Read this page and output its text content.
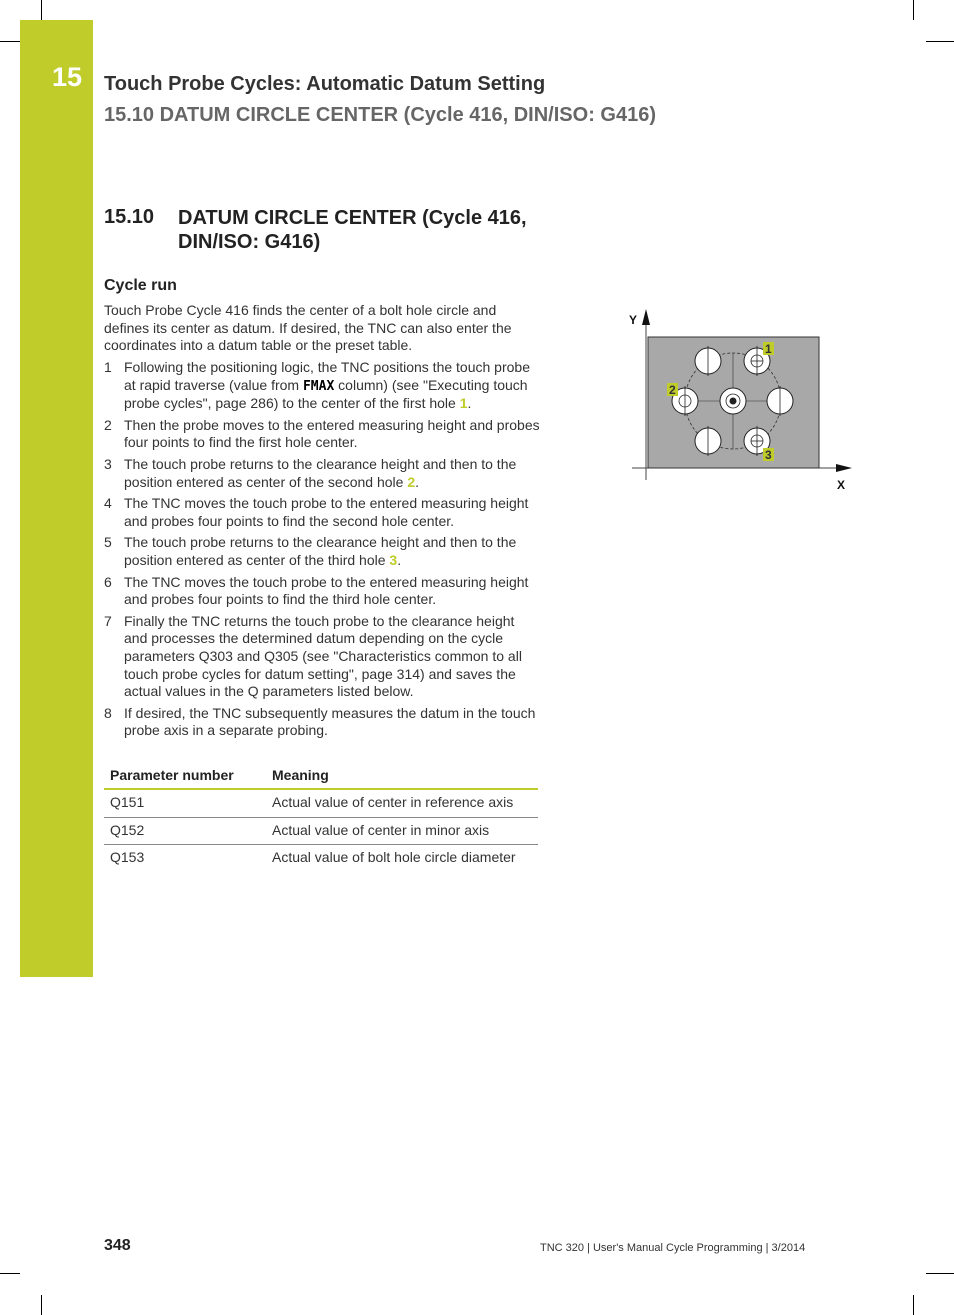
15 Touch Probe Cycles: Automatic Datum Setting
15.10 DATUM CIRCLE CENTER (Cycle 416, DIN/ISO: G416)
15.10 DATUM CIRCLE CENTER (Cycle 416, DIN/ISO: G416)
Cycle run
Touch Probe Cycle 416 finds the center of a bolt hole circle and defines its center as datum. If desired, the TNC can also enter the coordinates into a datum table or the preset table.
1 Following the positioning logic, the TNC positions the touch probe at rapid traverse (value from FMAX column) (see "Executing touch probe cycles", page 286) to the center of the first hole 1.
2 Then the probe moves to the entered measuring height and probes four points to find the first hole center.
3 The touch probe returns to the clearance height and then to the position entered as center of the second hole 2.
4 The TNC moves the touch probe to the entered measuring height and probes four points to find the second hole center.
5 The touch probe returns to the clearance height and then to the position entered as center of the third hole 3.
6 The TNC moves the touch probe to the entered measuring height and probes four points to find the third hole center.
7 Finally the TNC returns the touch probe to the clearance height and processes the determined datum depending on the cycle parameters Q303 and Q305 (see "Characteristics common to all touch probe cycles for datum setting", page 314) and saves the actual values in the Q parameters listed below.
8 If desired, the TNC subsequently measures the datum in the touch probe axis in a separate probing.
Parameter number	Meaning
Q151	Actual value of center in reference axis
Q152	Actual value of center in minor axis
Q153	Actual value of bolt hole circle diameter
Y
X
1
2
3
348	TNC 320 | User's Manual Cycle Programming | 3/2014
